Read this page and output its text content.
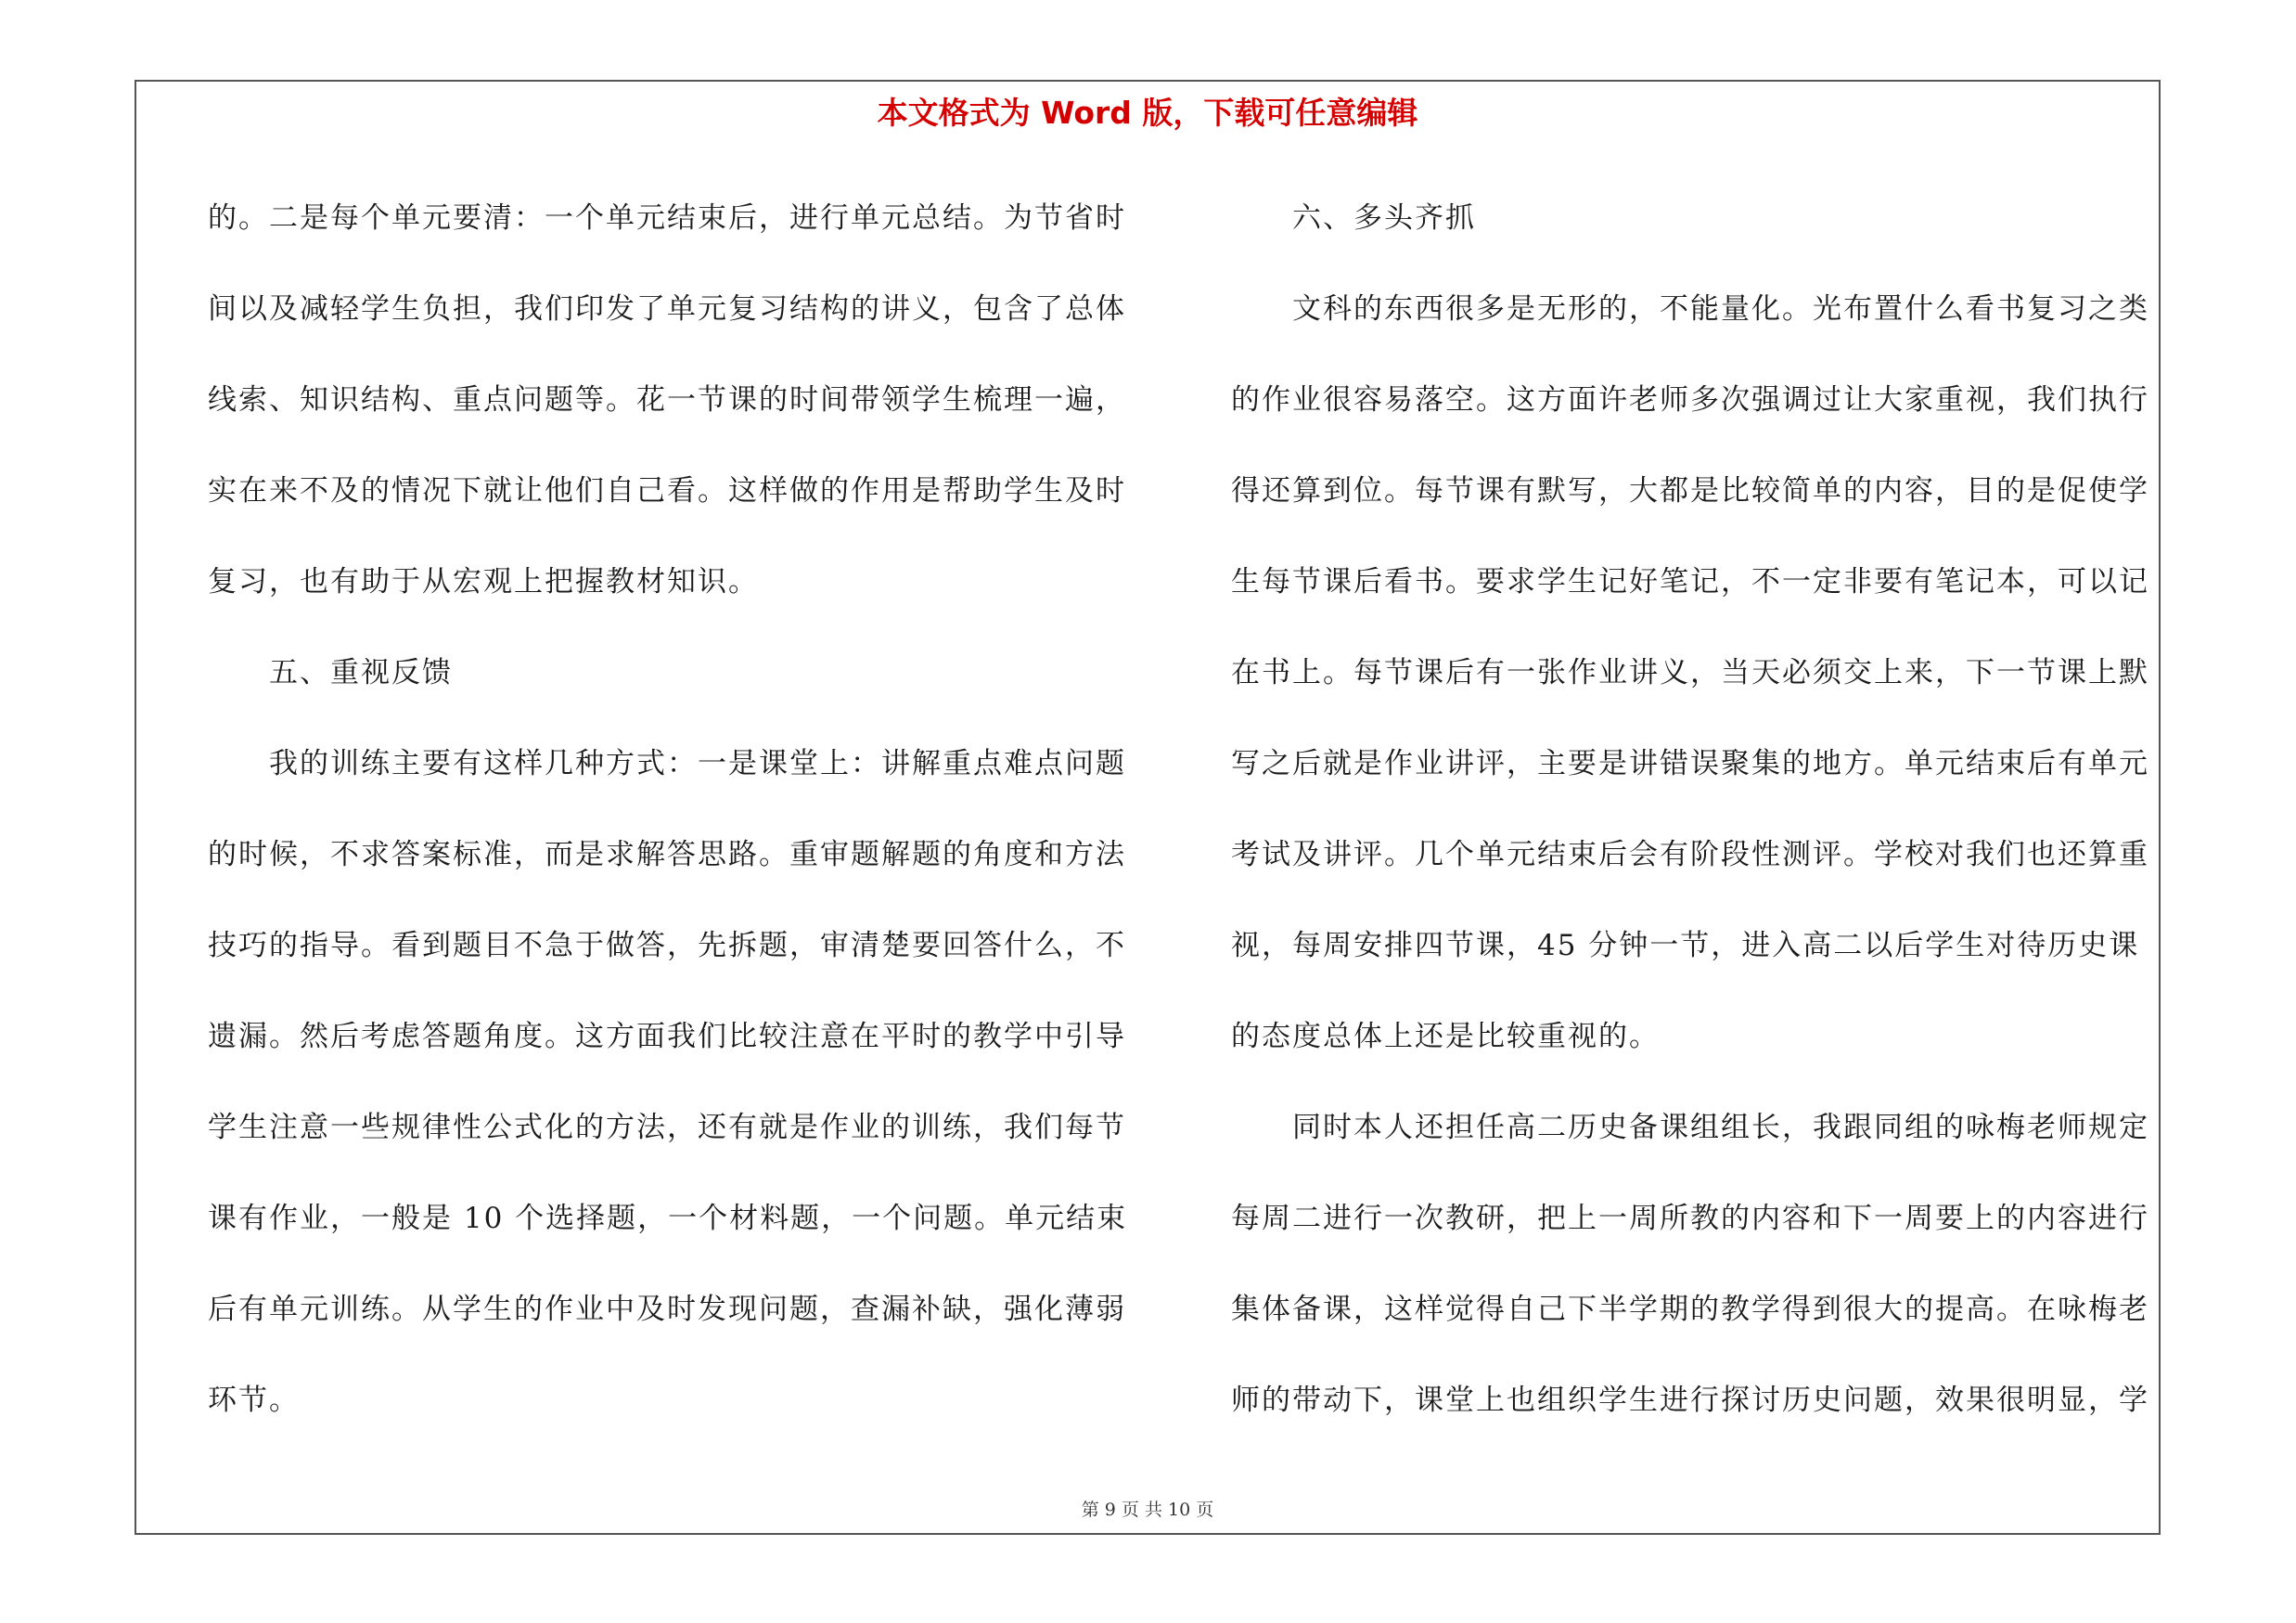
本文格式为 Word 版，下载可任意编辑
的。二是每个单元要清：一个单元结束后，进行单元总结。为节省时
间以及减轻学生负担，我们印发了单元复习结构的讲义，包含了总体
线索、知识结构、重点问题等。花一节课的时间带领学生梳理一遍，
实在来不及的情况下就让他们自己看。这样做的作用是帮助学生及时
复习，也有助于从宏观上把握教材知识。
五、重视反馈
我的训练主要有这样几种方式：一是课堂上：讲解重点难点问题
的时候，不求答案标准，而是求解答思路。重审题解题的角度和方法
技巧的指导。看到题目不急于做答，先拆题，审清楚要回答什么，不
遗漏。然后考虑答题角度。这方面我们比较注意在平时的教学中引导
学生注意一些规律性公式化的方法，还有就是作业的训练，我们每节
课有作业，一般是 10 个选择题，一个材料题，一个问题。单元结束
后有单元训练。从学生的作业中及时发现问题，查漏补缺，强化薄弱
环节。
六、多头齐抓
文科的东西很多是无形的，不能量化。光布置什么看书复习之类
的作业很容易落空。这方面许老师多次强调过让大家重视，我们执行
得还算到位。每节课有默写，大都是比较简单的内容，目的是促使学
生每节课后看书。要求学生记好笔记，不一定非要有笔记本，可以记
在书上。每节课后有一张作业讲义，当天必须交上来，下一节课上默
写之后就是作业讲评，主要是讲错误聚集的地方。单元结束后有单元
考试及讲评。几个单元结束后会有阶段性测评。学校对我们也还算重
视，每周安排四节课，45 分钟一节，进入高二以后学生对待历史课
的态度总体上还是比较重视的。
同时本人还担任高二历史备课组组长，我跟同组的咏梅老师规定
每周二进行一次教研，把上一周所教的内容和下一周要上的内容进行
集体备课，这样觉得自己下半学期的教学得到很大的提高。在咏梅老
师的带动下，课堂上也组织学生进行探讨历史问题，效果很明显，学
第 9 页 共 10 页
